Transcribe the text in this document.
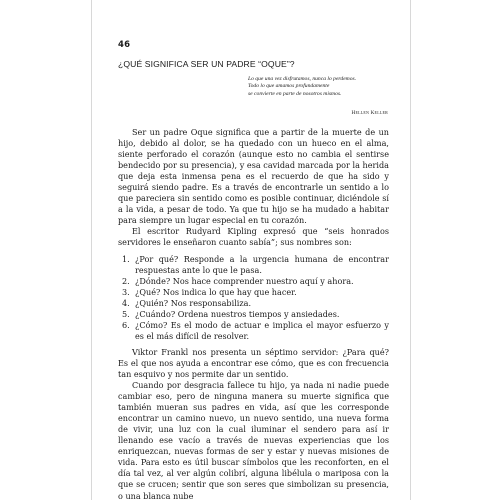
46
¿QUÉ SIGNIFICA SER UN PADRE “OQUE”?
Lo que una vez disfrutamos, nunca lo perdemos.
Todo lo que amamos profundamente
se convierte en parte de nosotros mismos.
Hellen Keller

Ser un padre Oque significa que a partir de la muerte de un hijo, debido al dolor, se ha quedado con un hueco en el alma, siente perforado el corazón (aunque esto no cambia el sentirse bendecido por su presencia), y esa cavidad marcada por la herida que deja esta inmensa pena es el recuerdo de que ha sido y seguirá siendo padre. Es a través de encontrarle un sentido a lo que pareciera sin sentido como es posible continuar, diciéndole sí a la vida, a pesar de todo. Ya que tu hijo se ha mudado a habitar para siempre un lugar especial en tu corazón.

El escritor Rudyard Kipling expresó que “seis honrados servidores le enseñaron cuanto sabía”; sus nombres son:

1. ¿Por qué? Responde a la urgencia humana de encontrar respuestas ante lo que le pasa.
2. ¿Dónde? Nos hace comprender nuestro aquí y ahora.
3. ¿Qué? Nos indica lo que hay que hacer.
4. ¿Quién? Nos responsabiliza.
5. ¿Cuándo? Ordena nuestros tiempos y ansiedades.
6. ¿Cómo? Es el modo de actuar e implica el mayor esfuerzo y es el más difícil de resolver.

Viktor Frankl nos presenta un séptimo servidor: ¿Para qué? Es el que nos ayuda a encontrar ese cómo, que es con frecuencia tan esquivo y nos permite dar un sentido.

Cuando por desgracia fallece tu hijo, ya nada ni nadie puede cambiar eso, pero de ninguna manera su muerte significa que también mueran sus padres en vida, así que les corresponde encontrar un camino nuevo, un nuevo sentido, una nueva forma de vivir, una luz con la cual iluminar el sendero para así ir llenando ese vacío a través de nuevas experiencias que los enriquezcan, nuevas formas de ser y estar y nuevas misiones de vida. Para esto es útil buscar símbolos que les reconforten, en el día tal vez, al ver algún colibrí, alguna libélula o mariposa con la que se crucen; sentir que son seres que simbolizan su presencia, o una blanca nube
